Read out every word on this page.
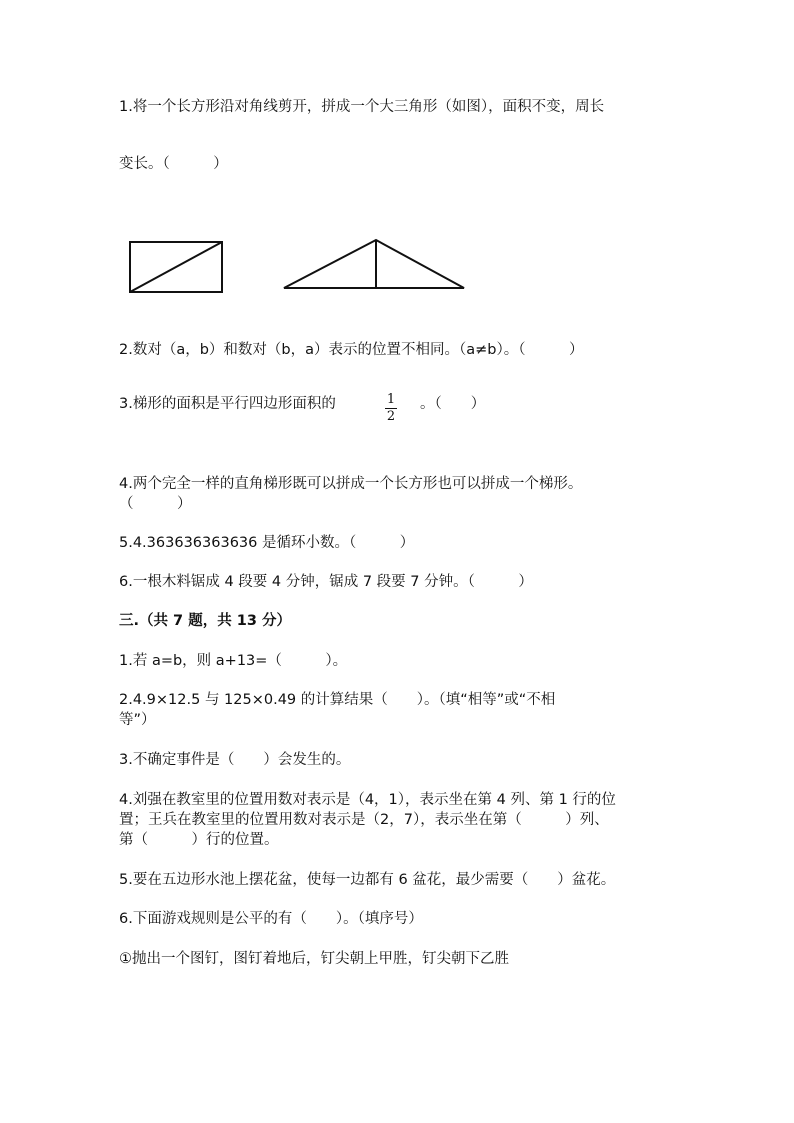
1.将一个长方形沿对角线剪开，拼成一个大三角形（如图），面积不变，周长
变长。（　　　）
2.数对（a，b）和数对（b，a）表示的位置不相同。（a≠b）。（　　　）
3.梯形的面积是平行四边形面积的	1
2
。（　　）
4.两个完全一样的直角梯形既可以拼成一个长方形也可以拼成一个梯形。
（　　　）
5.4.363636363636 是循环小数。（　　　）
6.一根木料锯成 4 段要 4 分钟，锯成 7 段要 7 分钟。（　　　）
三.（共 7 题，共 13 分）
1.若 a=b，则 a+13=（　　　）。
2.4.9×12.5 与 125×0.49 的计算结果（　　）。（填“相等”或“不相
等”）
3.不确定事件是（　　）会发生的。
4.刘强在教室里的位置用数对表示是（4，1），表示坐在第 4 列、第 1 行的位
置；王兵在教室里的位置用数对表示是（2，7），表示坐在第（　　　）列、
第（　　　）行的位置。
5.要在五边形水池上摆花盆，使每一边都有 6 盆花，最少需要（　　）盆花。
6.下面游戏规则是公平的有（　　）。（填序号）
①抛出一个图钉，图钉着地后，钉尖朝上甲胜，钉尖朝下乙胜
